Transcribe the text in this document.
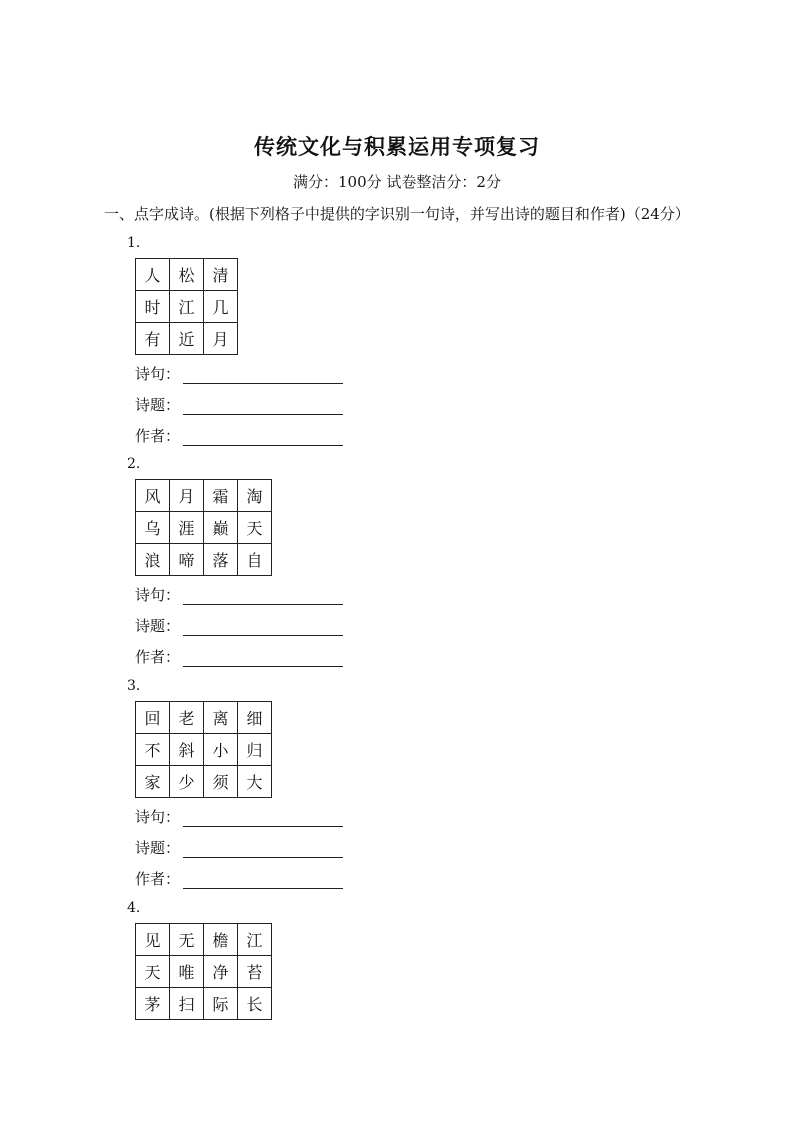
传统文化与积累运用专项复习
满分：100分 试卷整洁分：2分
一、点字成诗。(根据下列格子中提供的字识别一句诗，并写出诗的题目和作者)（24分）
1.
人	松	清
时	江	几
有	近	月
诗句：
诗题：
作者：
2.
风	月	霜	淘
乌	涯	巅	天
浪	啼	落	自
诗句：
诗题：
作者：
3.
回	老	离	细
不	斜	小	归
家	少	须	大
诗句：
诗题：
作者：
4.
见	无	檐	江
天	唯	净	苔
茅	扫	际	长
